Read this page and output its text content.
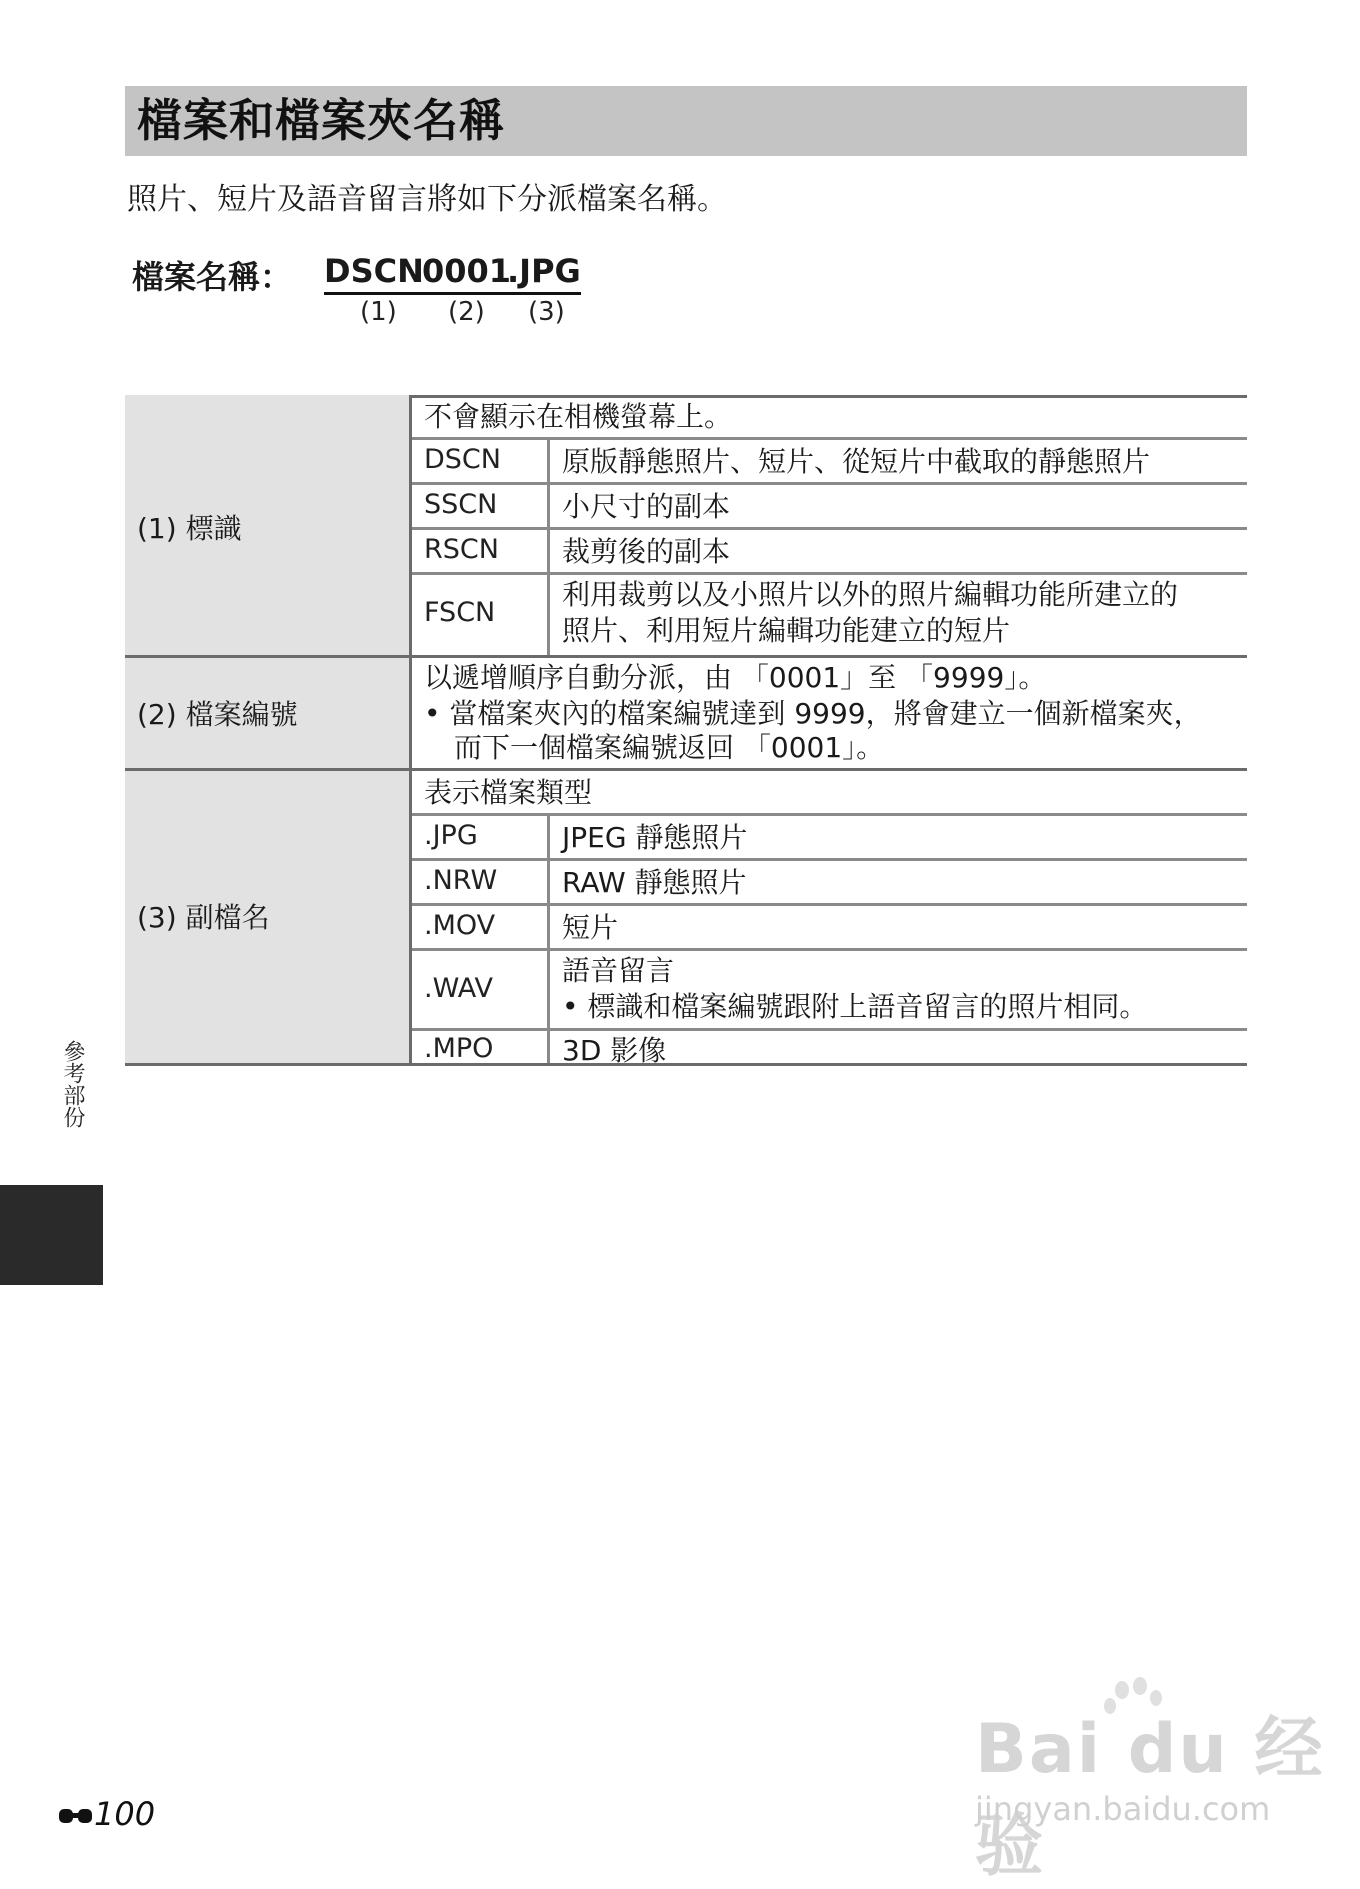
檔案和檔案夾名稱
照片、短片及語音留言將如下分派檔案名稱。
檔案名稱： DSCN
0001
.JPG
(1) (2) (3)
(1) 標識
不會顯示在相機螢幕上。
DSCN 原版靜態照片、短片、從短片中截取的靜態照片
SSCN 小尺寸的副本
RSCN 裁剪後的副本
FSCN
利用裁剪以及小照片以外的照片編輯功能所建立的
照片、利用短片編輯功能建立的短片
(2) 檔案編號
以遞增順序自動分派，由 「0001」至 「9999」。
• 當檔案夾內的檔案編號達到 9999，將會建立一個新檔案夾，
而下一個檔案編號返回 「0001」。
(3) 副檔名
表示檔案類型
.JPG	JPEG 靜態照片
.NRW RAW 靜態照片
.MOV 短片
.WAV
語音留言
• 標識和檔案編號跟附上語音留言的照片相同。
.MPO 3D 影像
參考部份
100
Bai du 经验
jingyan.baidu.com
